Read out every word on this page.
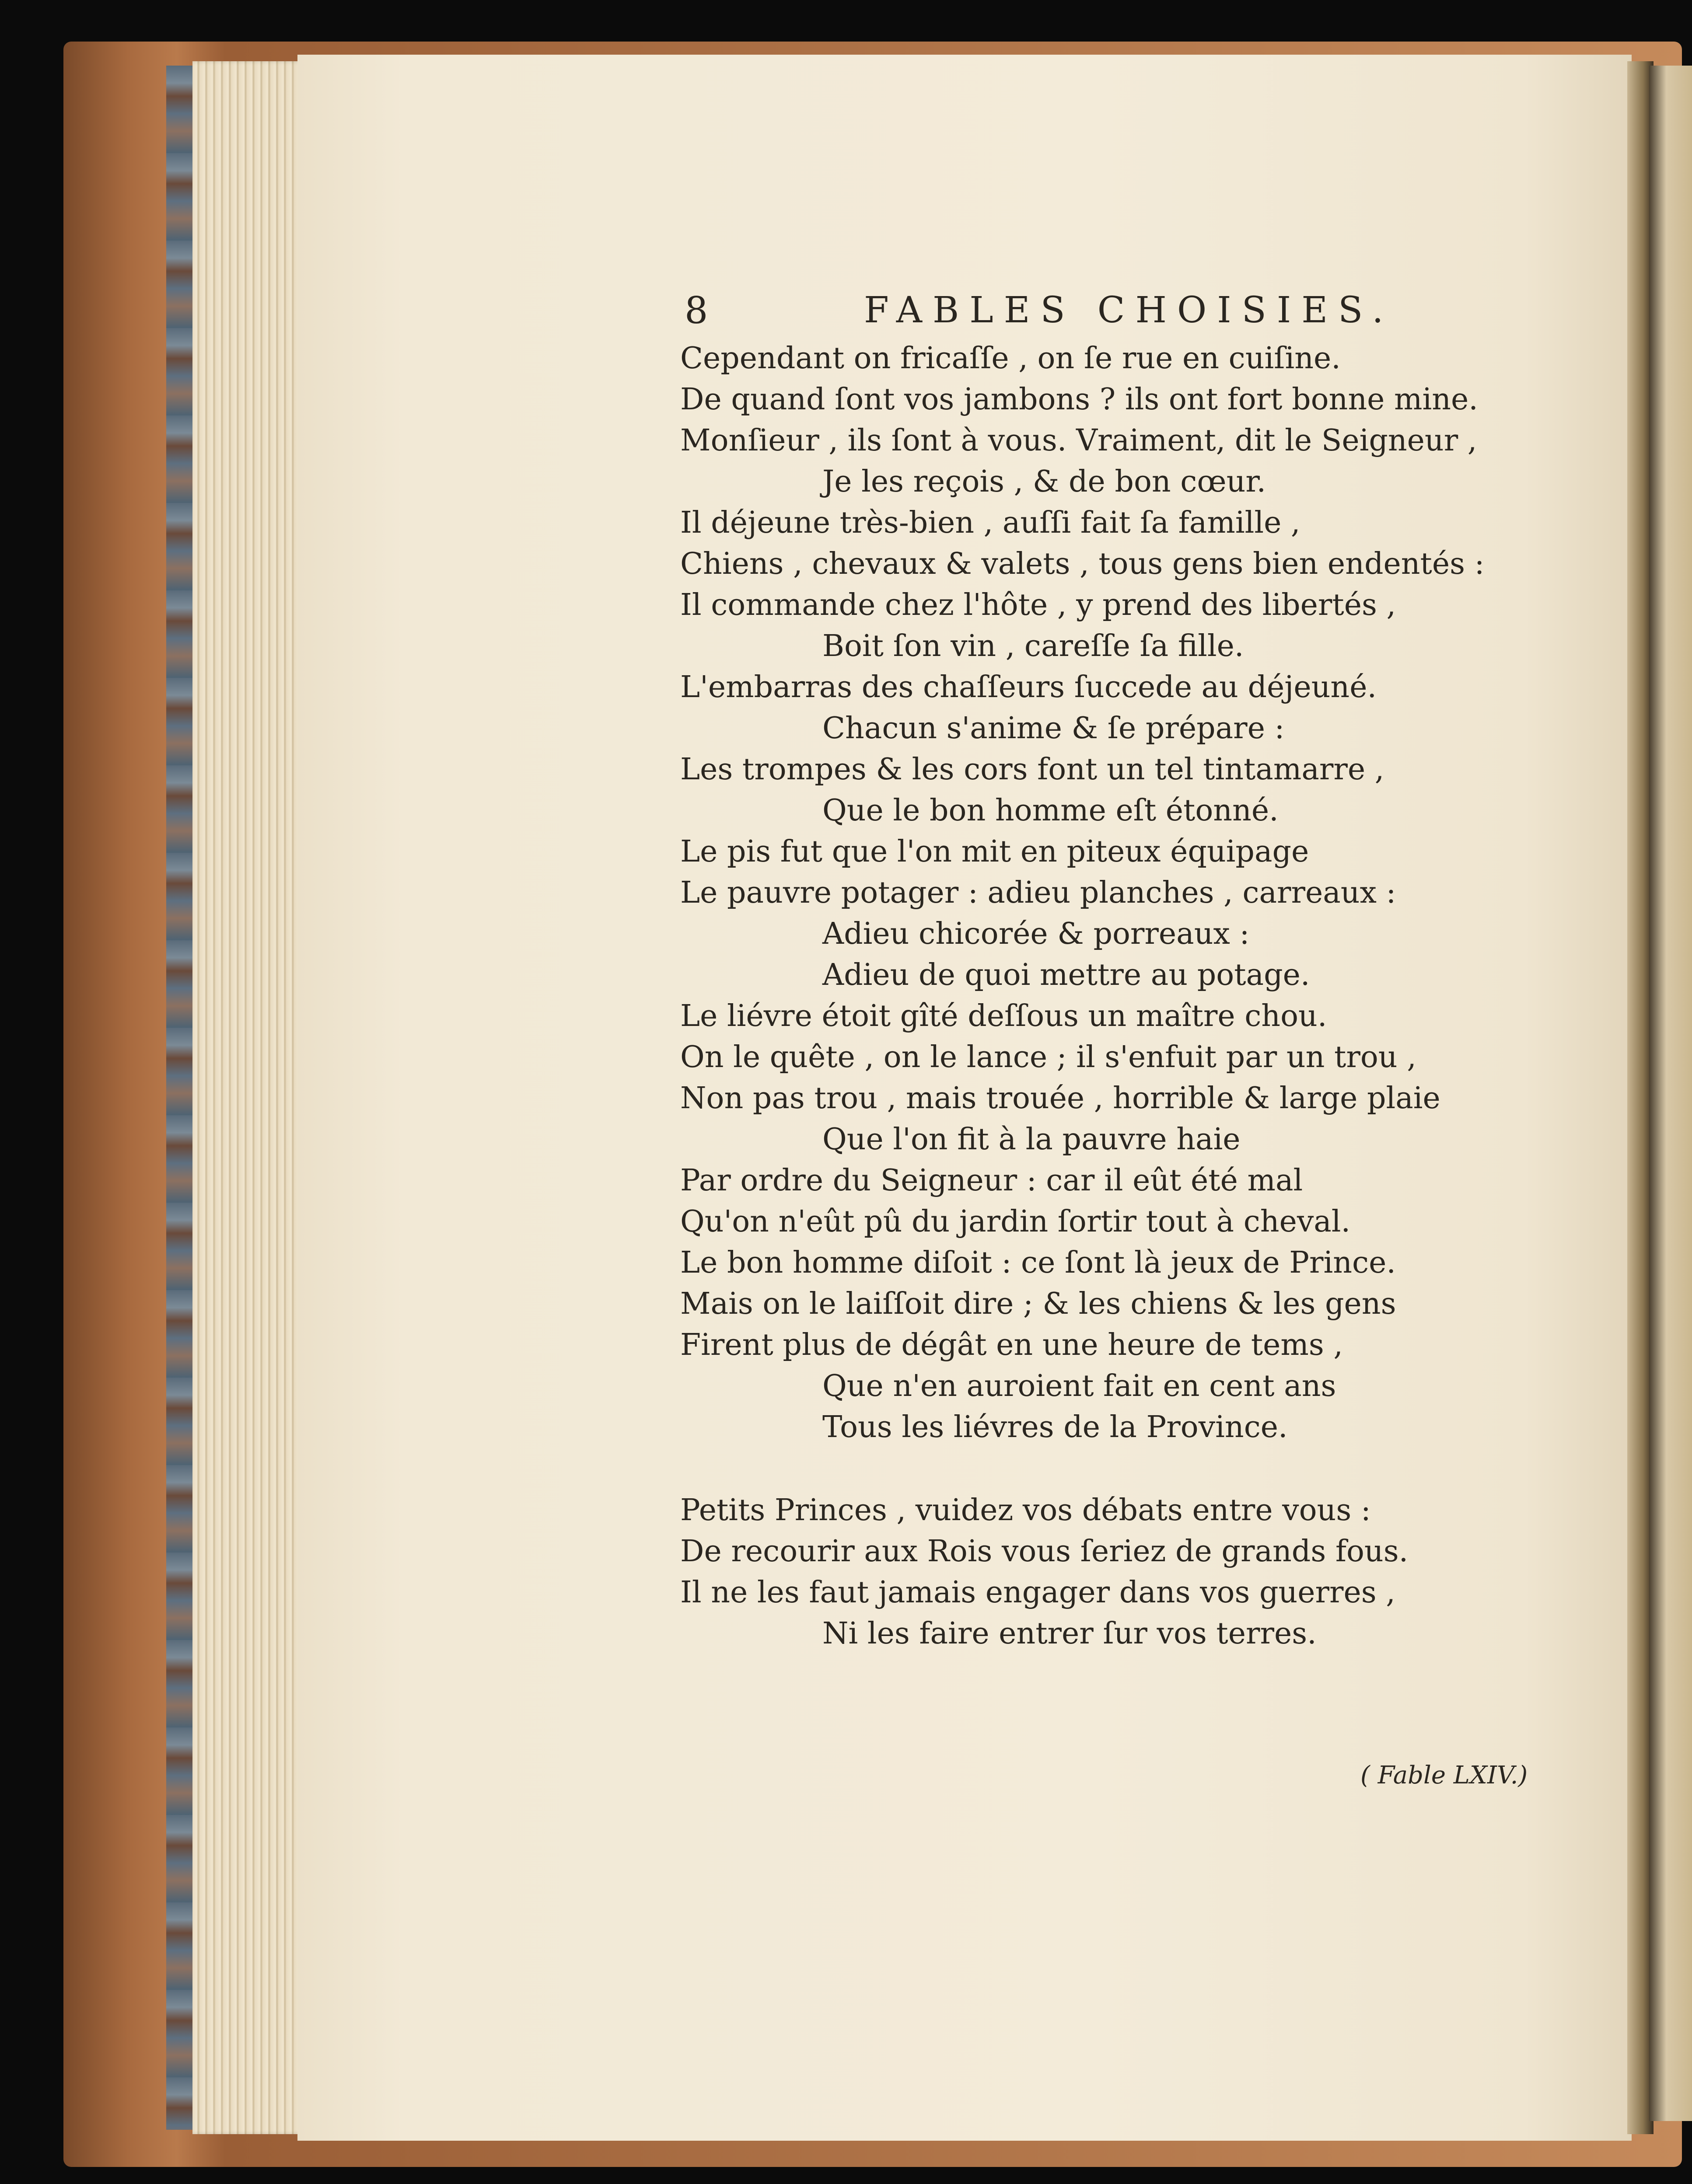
8	FABLES CHOISIES.
Cependant on fricaſſe , on ſe rue en cuiſine.
De quand ſont vos jambons ? ils ont fort bonne mine.
Monſieur , ils ſont à vous. Vraiment, dit le Seigneur ,
Je les reçois , & de bon cœur.
Il déjeune très-bien , auſſi fait ſa famille ,
Chiens , chevaux & valets , tous gens bien endentés :
Il commande chez l'hôte , y prend des libertés ,
Boit ſon vin , careſſe ſa fille.
L'embarras des chaſſeurs ſuccede au déjeuné.
Chacun s'anime & ſe prépare :
Les trompes & les cors font un tel tintamarre ,
Que le bon homme eſt étonné.
Le pis fut que l'on mit en piteux équipage
Le pauvre potager : adieu planches , carreaux :
Adieu chicorée & porreaux :
Adieu de quoi mettre au potage.
Le liévre étoit gîté deſſous un maître chou.
On le quête , on le lance ; il s'enfuit par un trou ,
Non pas trou , mais trouée , horrible & large plaie
Que l'on fit à la pauvre haie
Par ordre du Seigneur : car il eût été mal
Qu'on n'eût pû du jardin ſortir tout à cheval.
Le bon homme diſoit : ce ſont là jeux de Prince.
Mais on le laiſſoit dire ; & les chiens & les gens
Firent plus de dégât en une heure de tems ,
Que n'en auroient fait en cent ans
Tous les liévres de la Province.
Petits Princes , vuidez vos débats entre vous :
De recourir aux Rois vous ſeriez de grands fous.
Il ne les faut jamais engager dans vos guerres ,
Ni les faire entrer ſur vos terres.
( Fable LXIV.)
